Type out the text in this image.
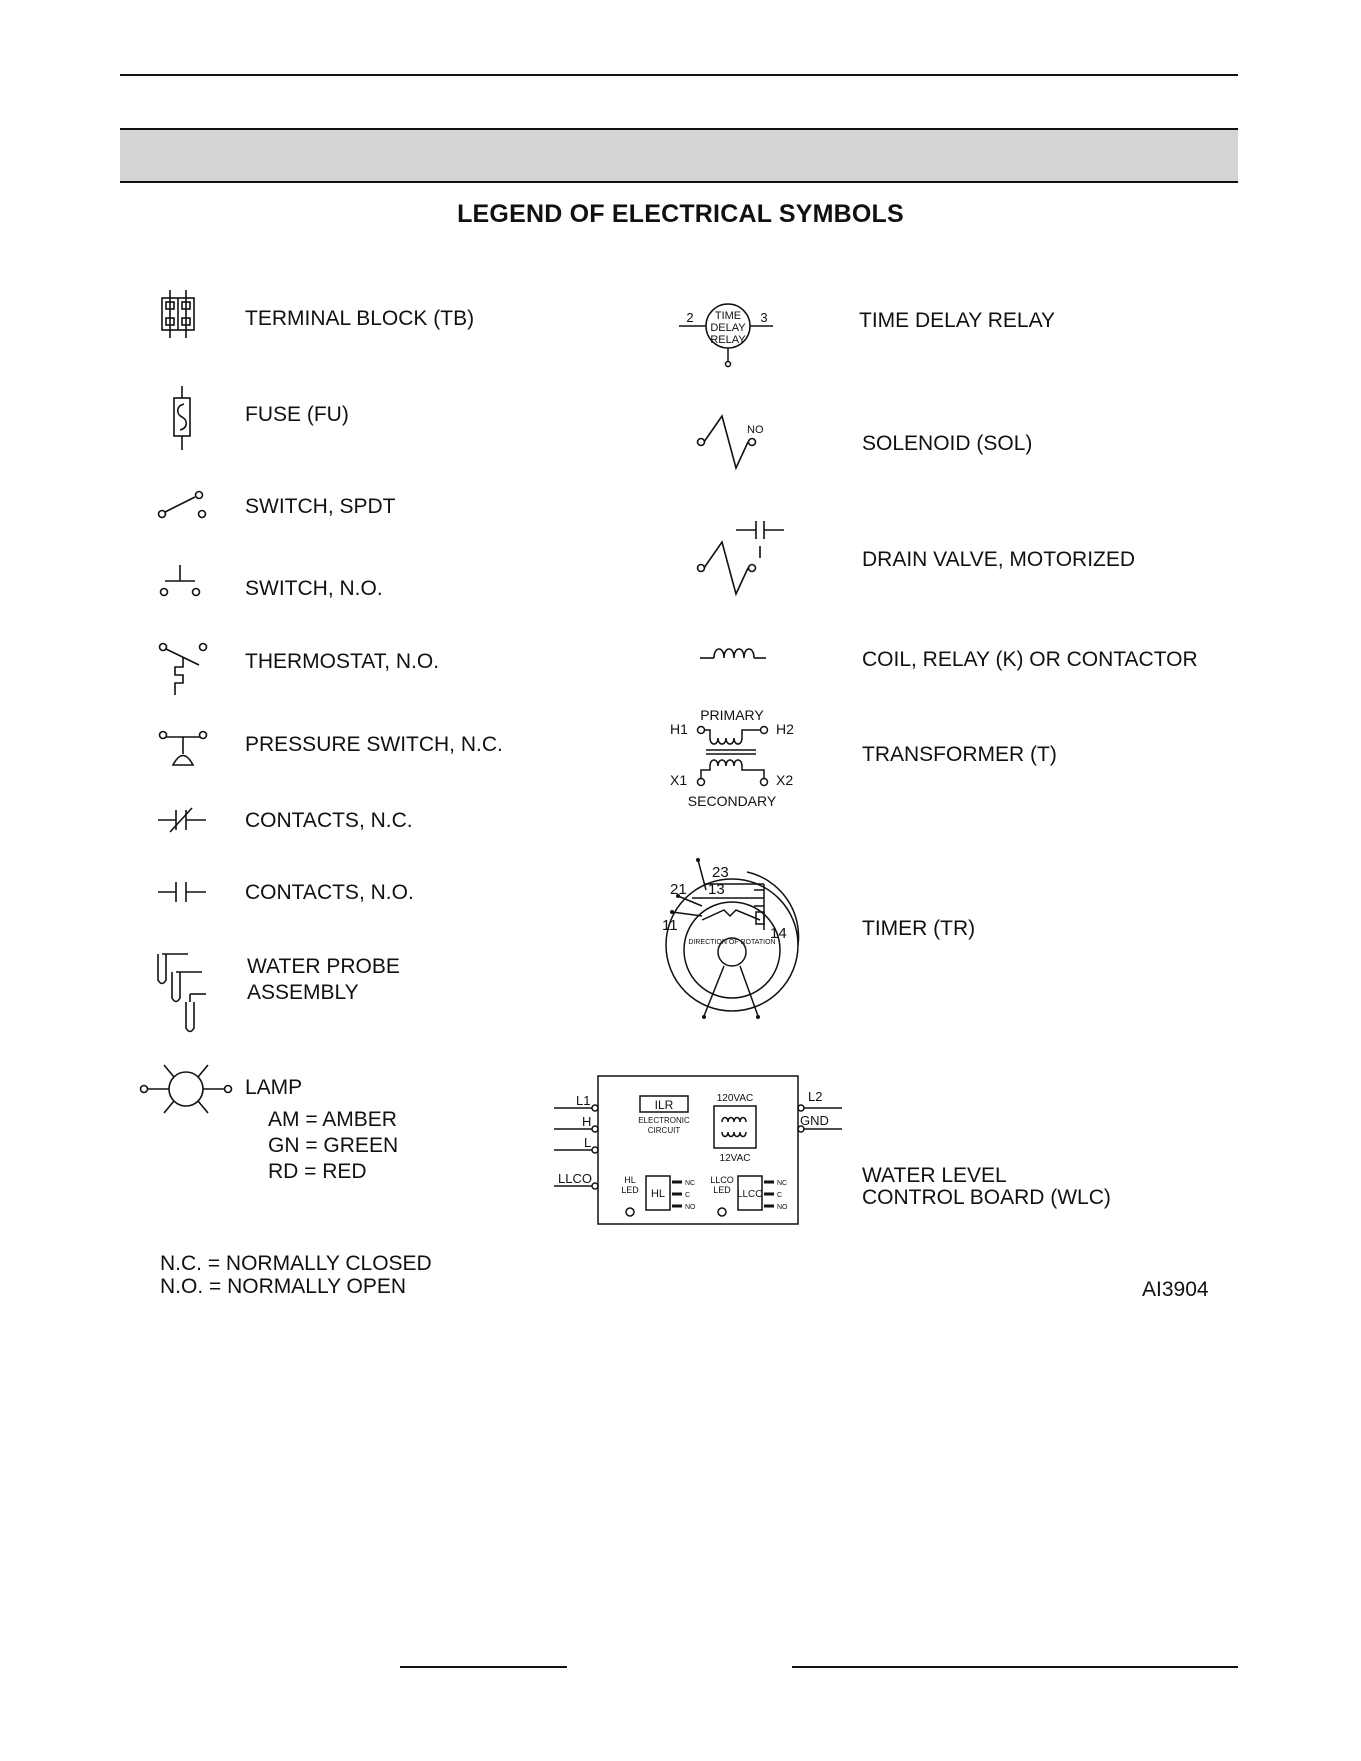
LEGEND OF ELECTRICAL SYMBOLS
TERMINAL BLOCK (TB)
FUSE (FU)
SWITCH, SPDT
SWITCH, N.O.
THERMOSTAT, N.O.
PRESSURE SWITCH, N.C.
CONTACTS, N.C.
CONTACTS, N.O.
WATER PROBE
ASSEMBLY
LAMP
AM = AMBER
GN = GREEN
RD = RED
2 TIME
DELAY
RELAY
3	TIME DELAY RELAY
NO
SOLENOID (SOL)
DRAIN VALVE, MOTORIZED
COIL, RELAY (K) OR CONTACTOR
PRIMARY
H1	H2
X1	X2
SECONDARY
TRANSFORMER (T)
23
21 13
11	14
DIRECTION OF ROTATION
TIMER (TR)
L1
H
L
LLCO
ILR
ELECTRONIC
CIRCUIT
120VAC
12VAC
L2
GND
HL
LED HL
NC
C
NO
LLCO
LED LLCO
NC
C
NO
WATER LEVEL
CONTROL BOARD (WLC)
N.C. = NORMALLY CLOSED
N.O. = NORMALLY OPEN	AI3904
